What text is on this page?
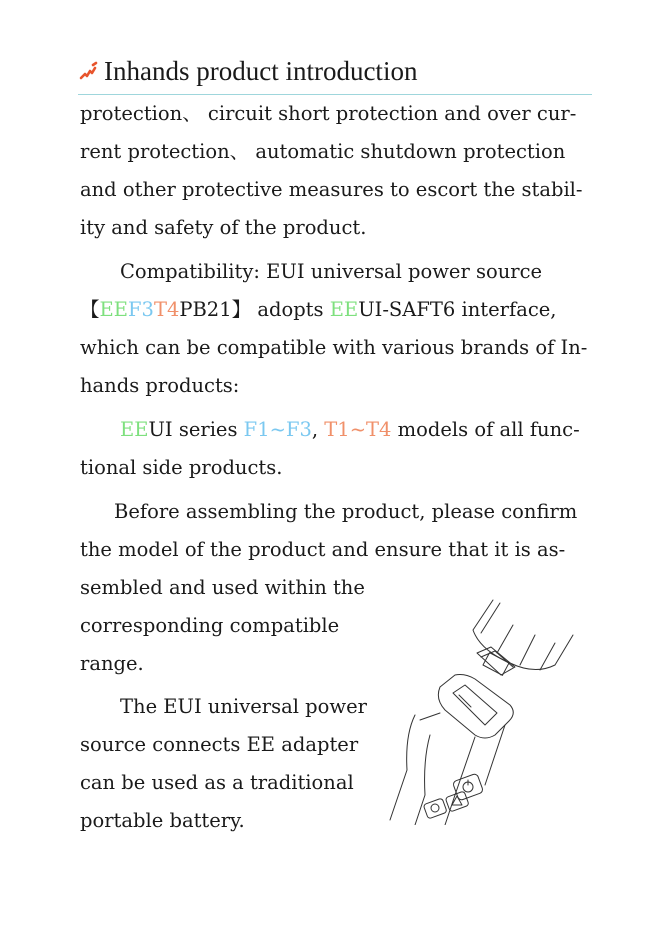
Inhands product introduction
protection、 circuit short protection and over cur-
rent protection、 automatic shutdown protection
and other protective measures to escort the stabil-
ity and safety of the product.
Compatibility: EUI universal power source
【EEF3T4PB21】 adopts EEUI-SAFT6 interface,
which can be compatible with various brands of In-
hands products:
EEUI series F1~F3, T1~T4 models of all func-
tional side products.
Before assembling the product, please confirm
the model of the product and ensure that it is as-
sembled and used within the
corresponding compatible
range.
The EUI universal power
source connects EE adapter
can be used as a traditional
portable battery.
